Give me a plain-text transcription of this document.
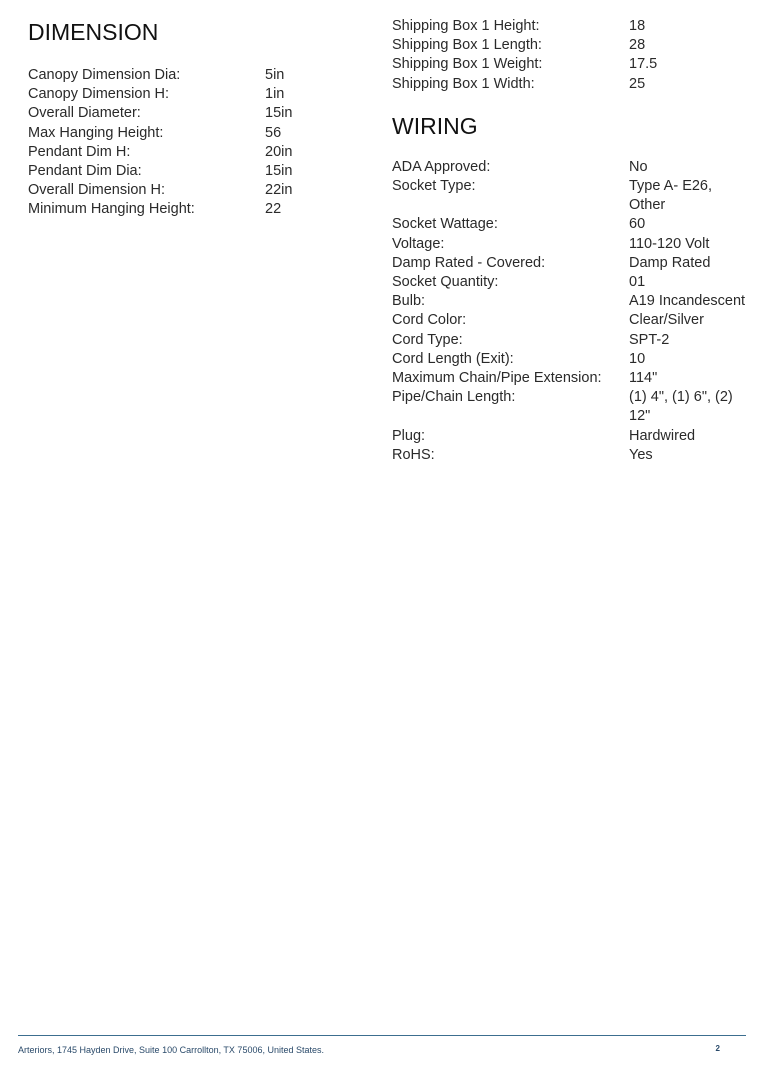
DIMENSION
Canopy Dimension Dia:	5in
Canopy Dimension H:	1in
Overall Diameter:	15in
Max Hanging Height:	56
Pendant Dim H:	20in
Pendant Dim Dia:	15in
Overall Dimension H:	22in
Minimum Hanging Height:	22
Shipping Box 1 Height:	18
Shipping Box 1 Length:	28
Shipping Box 1 Weight:	17.5
Shipping Box 1 Width:	25
WIRING
ADA Approved:	No
Socket Type:	Type A- E26, Other
Socket Wattage:	60
Voltage:	110-120 Volt
Damp Rated - Covered:	Damp Rated
Socket Quantity:	01
Bulb:	A19 Incandescent
Cord Color:	Clear/Silver
Cord Type:	SPT-2
Cord Length (Exit):	10
Maximum Chain/Pipe Extension:	114"
Pipe/Chain Length:	(1) 4", (1) 6", (2) 12"
Plug:	Hardwired
RoHS:	Yes
Arteriors, 1745 Hayden Drive, Suite 100 Carrollton, TX 75006, United States.	2
